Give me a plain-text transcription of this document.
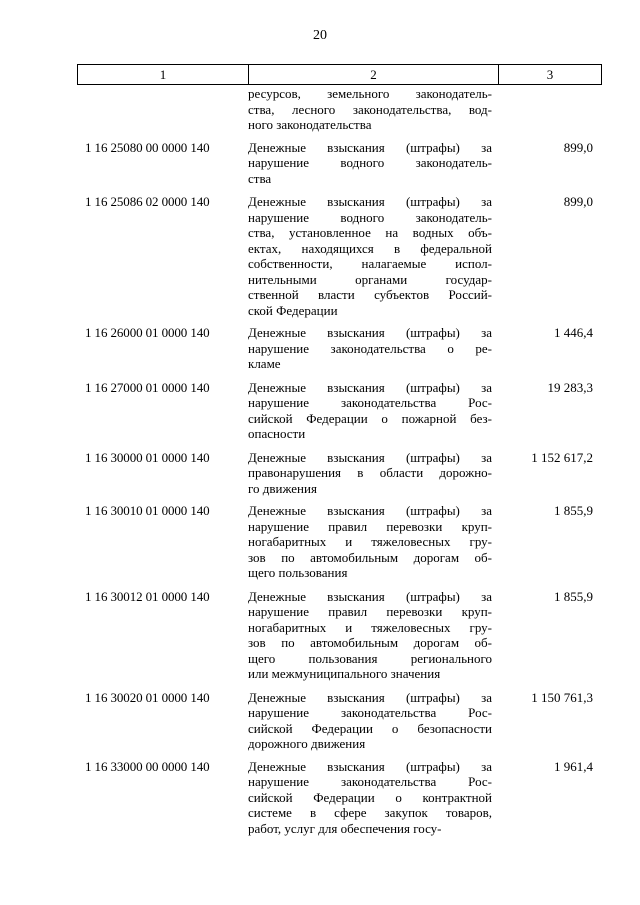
20
1	2	3
ресурсов, земельного законодатель-
ства, лесного законодательства, вод-
ного законодательства
1 16 25080 00 0000 140	Денежные взыскания (штрафы) за
нарушение водного законодатель-
ства
899,0
1 16 25086 02 0000 140	Денежные взыскания (штрафы) за
нарушение водного законодатель-
ства, установленное на водных объ-
ектах, находящихся в федеральной
собственности, налагаемые испол-
нительными органами государ-
ственной власти субъектов Россий-
ской Федерации
899,0
1 16 26000 01 0000 140	Денежные взыскания (штрафы) за
нарушение законодательства о ре-
кламе
1 446,4
1 16 27000 01 0000 140	Денежные взыскания (штрафы) за
нарушение законодательства Рос-
сийской Федерации о пожарной без-
опасности
19 283,3
1 16 30000 01 0000 140	Денежные взыскания (штрафы) за
правонарушения в области дорожно-
го движения
1 152 617,2
1 16 30010 01 0000 140	Денежные взыскания (штрафы) за
нарушение правил перевозки круп-
ногабаритных и тяжеловесных гру-
зов по автомобильным дорогам об-
щего пользования
1 855,9
1 16 30012 01 0000 140	Денежные взыскания (штрафы) за
нарушение правил перевозки круп-
ногабаритных и тяжеловесных гру-
зов по автомобильным дорогам об-
щего пользования регионального
или межмуниципального значения
1 855,9
1 16 30020 01 0000 140	Денежные взыскания (штрафы) за
нарушение законодательства Рос-
сийской Федерации о безопасности
дорожного движения
1 150 761,3
1 16 33000 00 0000 140	Денежные взыскания (штрафы) за
нарушение законодательства Рос-
сийской Федерации о контрактной
системе в сфере закупок товаров,
работ, услуг для обеспечения госу-
1 961,4
